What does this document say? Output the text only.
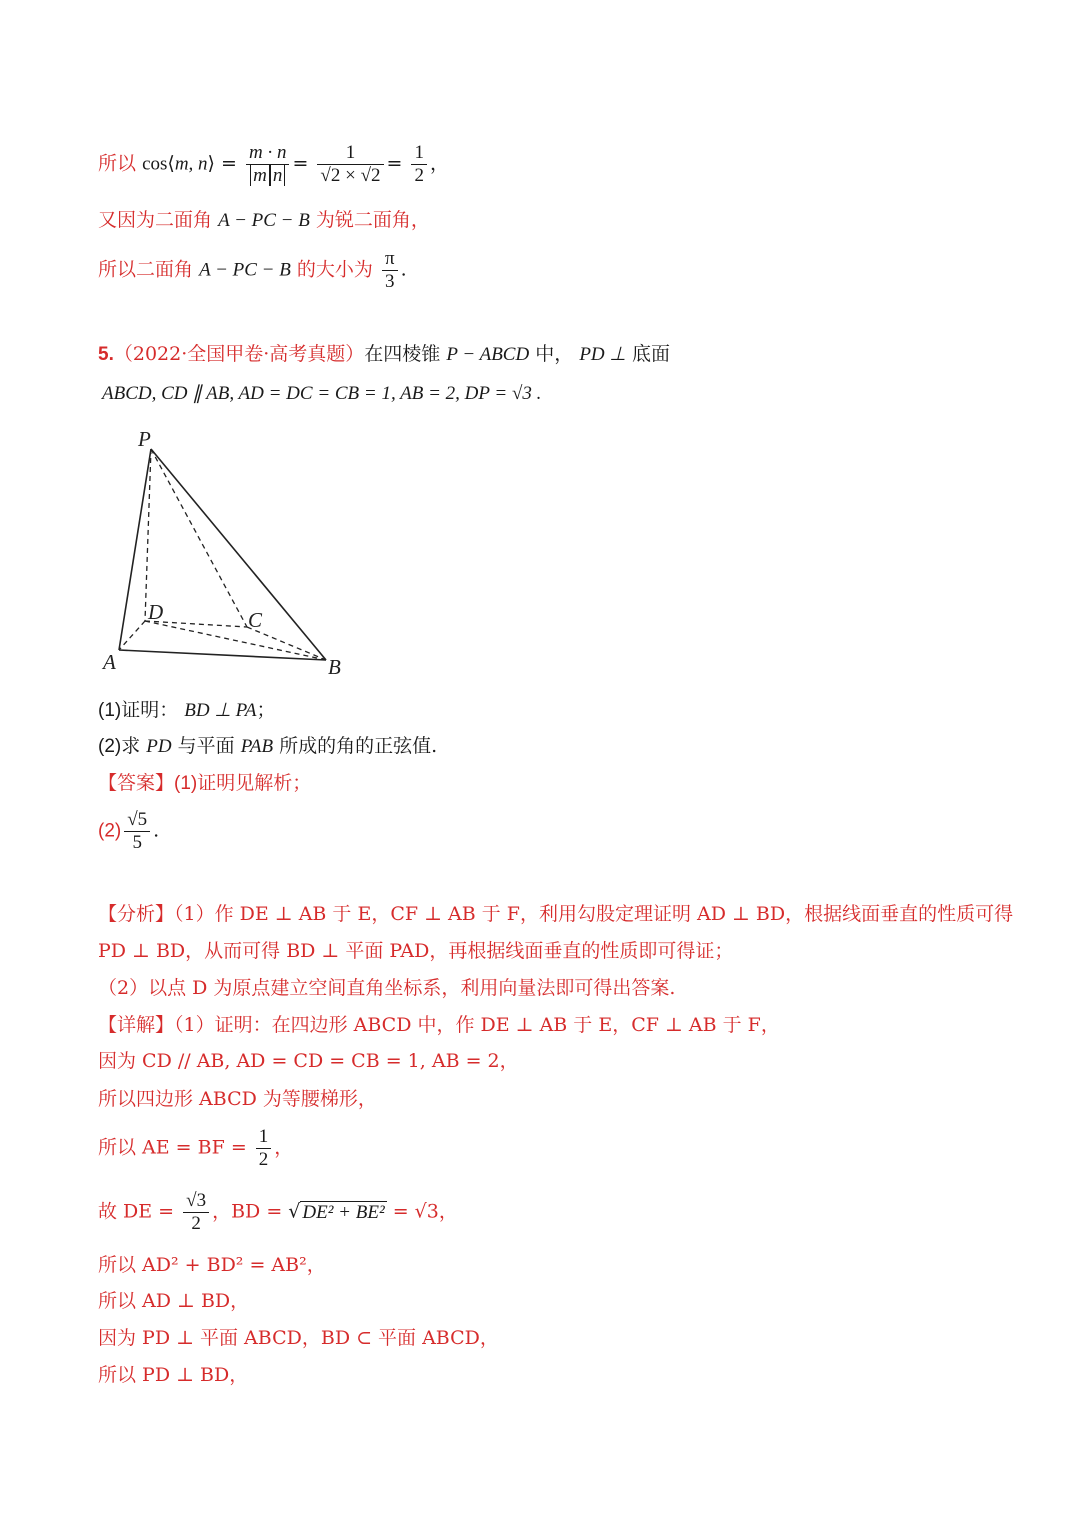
所以 cos⟨m, n⟩ = $\frac{m \cdot n}{\text{m n}} = \frac{1}{√2 \times √2} = \frac{1}{2}$ ，
又因为二面角 A − PC − B 为锐二面角，
所以二面角 A − PC − B 的大小为 $\frac{\pi}{3}$ .
5.（2022·全国甲卷·高考真题）在四棱锥 P − ABCD 中， PD ⊥ 底面
ABCD, CD ∥ AB, AD = DC = CB = 1, AB = 2, DP = √3 .
P
D	C
A	B
(1)证明： BD ⊥ PA；
(2)求 PD 与平面 PAB 所成的角的正弦值.
【答案】(1)证明见解析；
$(2) \frac{√5}{5}$ .
【分析】（1）作 DE ⊥ AB 于 E，CF ⊥ AB 于 F，利用勾股定理证明 AD ⊥ BD，根据线面垂直的性质可得
PD ⊥ BD，从而可得 BD ⊥ 平面 PAD，再根据线面垂直的性质即可得证；
（2）以点 D 为原点建立空间直角坐标系，利用向量法即可得出答案.
【详解】（1）证明：在四边形 ABCD 中，作 DE ⊥ AB 于 E，CF ⊥ AB 于 F，
因为 CD // AB, AD = CD = CB = 1, AB = 2，
所以四边形 ABCD 为等腰梯形，
所以 AE = BF = $\frac{1}{2}$ ，
故 DE = $\frac{√3}{2}$ ，BD = √ DE² + BE² = √3，
所以 AD² + BD² = AB²，
所以 AD ⊥ BD，
因为 PD ⊥ 平面 ABCD，BD ⊂ 平面 ABCD，
所以 PD ⊥ BD，
